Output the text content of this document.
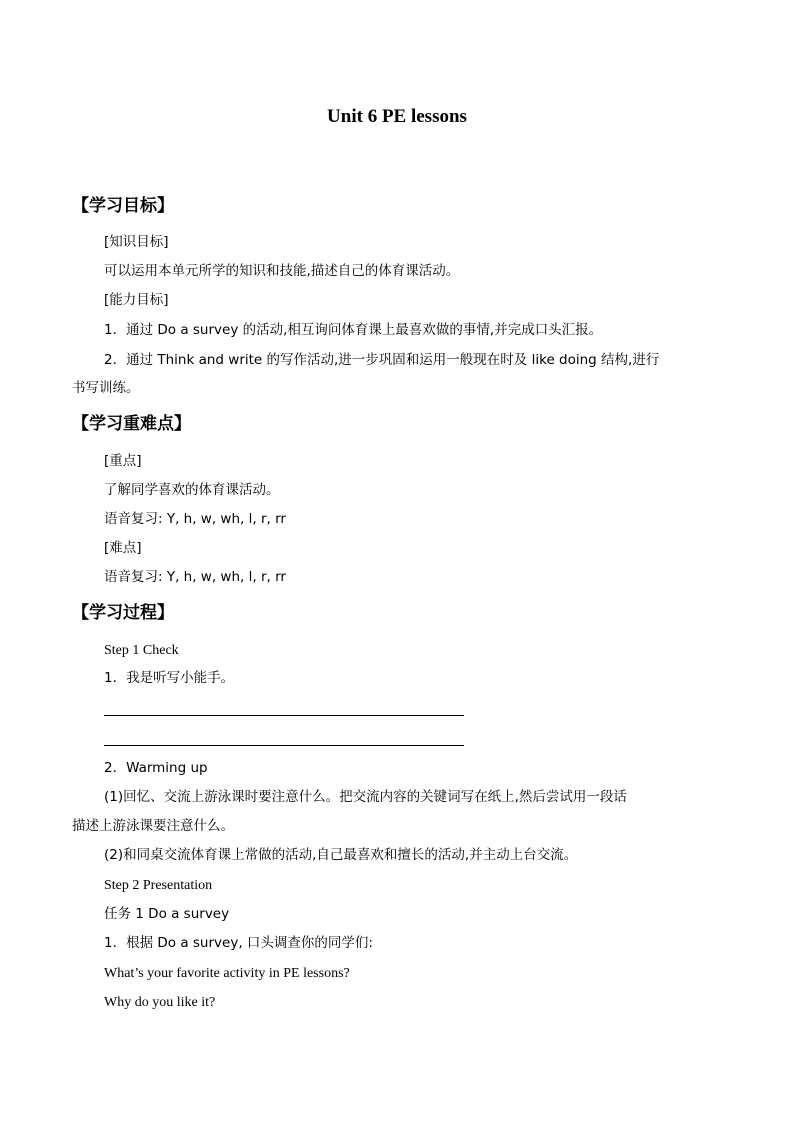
Unit 6 PE lessons
【学习目标】
[知识目标]
可以运用本单元所学的知识和技能,描述自己的体育课活动。
[能力目标]
1．通过 Do a survey 的活动,相互询问体育课上最喜欢做的事情,并完成口头汇报。
2．通过 Think and write 的写作活动,进一步巩固和运用一般现在时及 like doing 结构,进行
书写训练。
【学习重难点】
[重点]
了解同学喜欢的体育课活动。
语音复习: Y, h, w, wh, l, r, rr
[难点]
语音复习: Y, h, w, wh, l, r, rr
【学习过程】
Step 1 Check
1．我是听写小能手。
2．Warming up
(1)回忆、交流上游泳课时要注意什么。把交流内容的关键词写在纸上,然后尝试用一段话
描述上游泳课要注意什么。
(2)和同桌交流体育课上常做的活动,自己最喜欢和擅长的活动,并主动上台交流。
Step 2 Presentation
任务 1 Do a survey
1．根据 Do a survey, 口头调查你的同学们:
What’s your favorite activity in PE lessons?
Why do you like it?
